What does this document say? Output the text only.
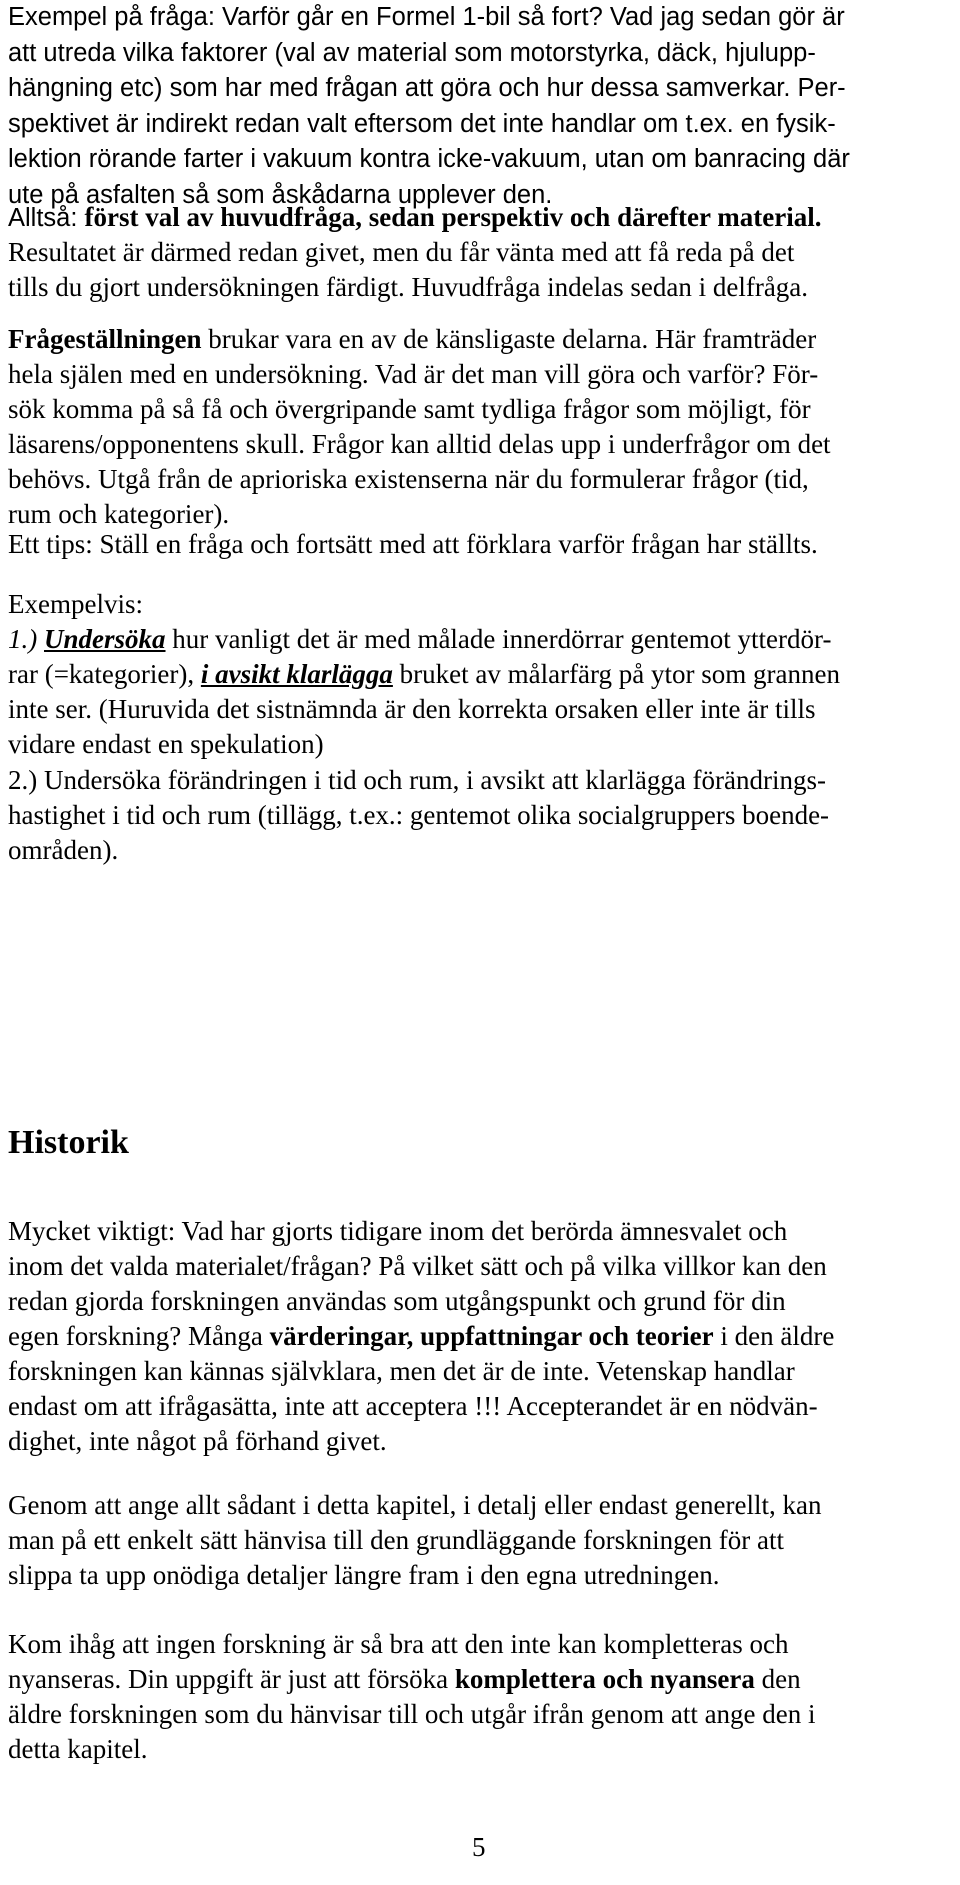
Exempel på fråga: Varför går en Formel 1-bil så fort? Vad jag sedan gör är
att utreda vilka faktorer (val av material som motorstyrka, däck, hjulupp-
hängning etc) som har med frågan att göra och hur dessa samverkar. Per-
spektivet är indirekt redan valt eftersom det inte handlar om t.ex. en fysik-
lektion rörande farter i vakuum kontra icke-vakuum, utan om banracing där
ute på asfalten så som åskådarna upplever den.
Alltså: först val av huvudfråga, sedan perspektiv och därefter material.
Resultatet är därmed redan givet, men du får vänta med att få reda på det
tills du gjort undersökningen färdigt. Huvudfråga indelas sedan i delfråga.
Frågeställningen brukar vara en av de känsligaste delarna. Här framträder
hela själen med en undersökning. Vad är det man vill göra och varför? För-
sök komma på så få och övergripande samt tydliga frågor som möjligt, för
läsarens/opponentens skull. Frågor kan alltid delas upp i underfrågor om det
behövs. Utgå från de aprioriska existenserna när du formulerar frågor (tid,
rum och kategorier).
Ett tips: Ställ en fråga och fortsätt med att förklara varför frågan har ställts.
Exempelvis:
1.) Undersöka hur vanligt det är med målade innerdörrar gentemot ytterdör-
rar (=kategorier), i avsikt klarlägga bruket av målarfärg på ytor som grannen
inte ser. (Huruvida det sistnämnda är den korrekta orsaken eller inte är tills
vidare endast en spekulation)
2.) Undersöka förändringen i tid och rum, i avsikt att klarlägga förändrings-
hastighet i tid och rum (tillägg, t.ex.: gentemot olika socialgruppers boende-
områden).
Historik
Mycket viktigt: Vad har gjorts tidigare inom det berörda ämnesvalet och
inom det valda materialet/frågan? På vilket sätt och på vilka villkor kan den
redan gjorda forskningen användas som utgångspunkt och grund för din
egen forskning? Många värderingar, uppfattningar och teorier i den äldre
forskningen kan kännas självklara, men det är de inte. Vetenskap handlar
endast om att ifrågasätta, inte att acceptera !!! Accepterandet är en nödvän-
dighet, inte något på förhand givet.
Genom att ange allt sådant i detta kapitel, i detalj eller endast generellt, kan
man på ett enkelt sätt hänvisa till den grundläggande forskningen för att
slippa ta upp onödiga detaljer längre fram i den egna utredningen.
Kom ihåg att ingen forskning är så bra att den inte kan kompletteras och
nyanseras. Din uppgift är just att försöka komplettera och nyansera den
äldre forskningen som du hänvisar till och utgår ifrån genom att ange den i
detta kapitel.

5
